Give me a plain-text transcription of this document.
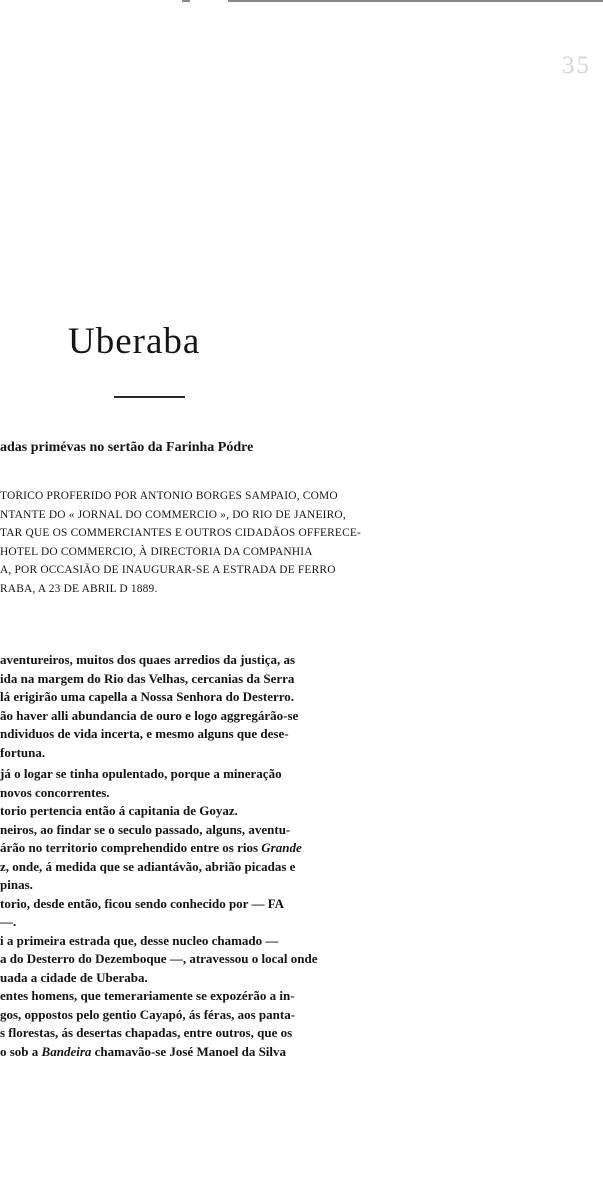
35
Uberaba
adas primévas no sertão da Farinha Pódre
TORICO PROFERIDO POR ANTONIO BORGES SAMPAIO, COMO
NTANTE DO « JORNAL DO COMMERCIO », DO RIO DE JANEIRO,
TAR QUE OS COMMERCIANTES E OUTROS CIDADÃOS OFFERECE-
HOTEL DO COMMERCIO, À DIRECTORIA DA COMPANHIA
A, POR OCCASIÃO DE INAUGURAR-SE A ESTRADA DE FERRO
RABA, A 23 DE ABRIL D 1889.
aventureiros, muitos dos quaes arredios da justiça, as
ida na margem do Rio das Velhas, cercanias da Serra
lá erigirão uma capella a Nossa Senhora do Desterro.
ão haver alli abundancia de ouro e logo aggregárão-se
ndividuos de vida incerta, e mesmo alguns que dese-
fortuna.
já o logar se tinha opulentado, porque a mineração
novos concorrentes.
torio pertencia então á capitania de Goyaz.
neiros, ao findar se o seculo passado, alguns, aventu-
árão no territorio comprehendido entre os rios Grande
z, onde, á medida que se adiantávão, abrião picadas e
pinas.
torio, desde então, ficou sendo conhecido por — FA
—.
i a primeira estrada que, desse nucleo chamado —
a do Desterro do Dezemboque —, atravessou o local onde
uada a cidade de Uberaba.
entes homens, que temerariamente se expozérão a in-
gos, oppostos pelo gentio Cayapó, ás féras, aos panta-
s florestas, ás desertas chapadas, entre outros, que os
o sob a Bandeira chamavão-se José Manoel da Silva
